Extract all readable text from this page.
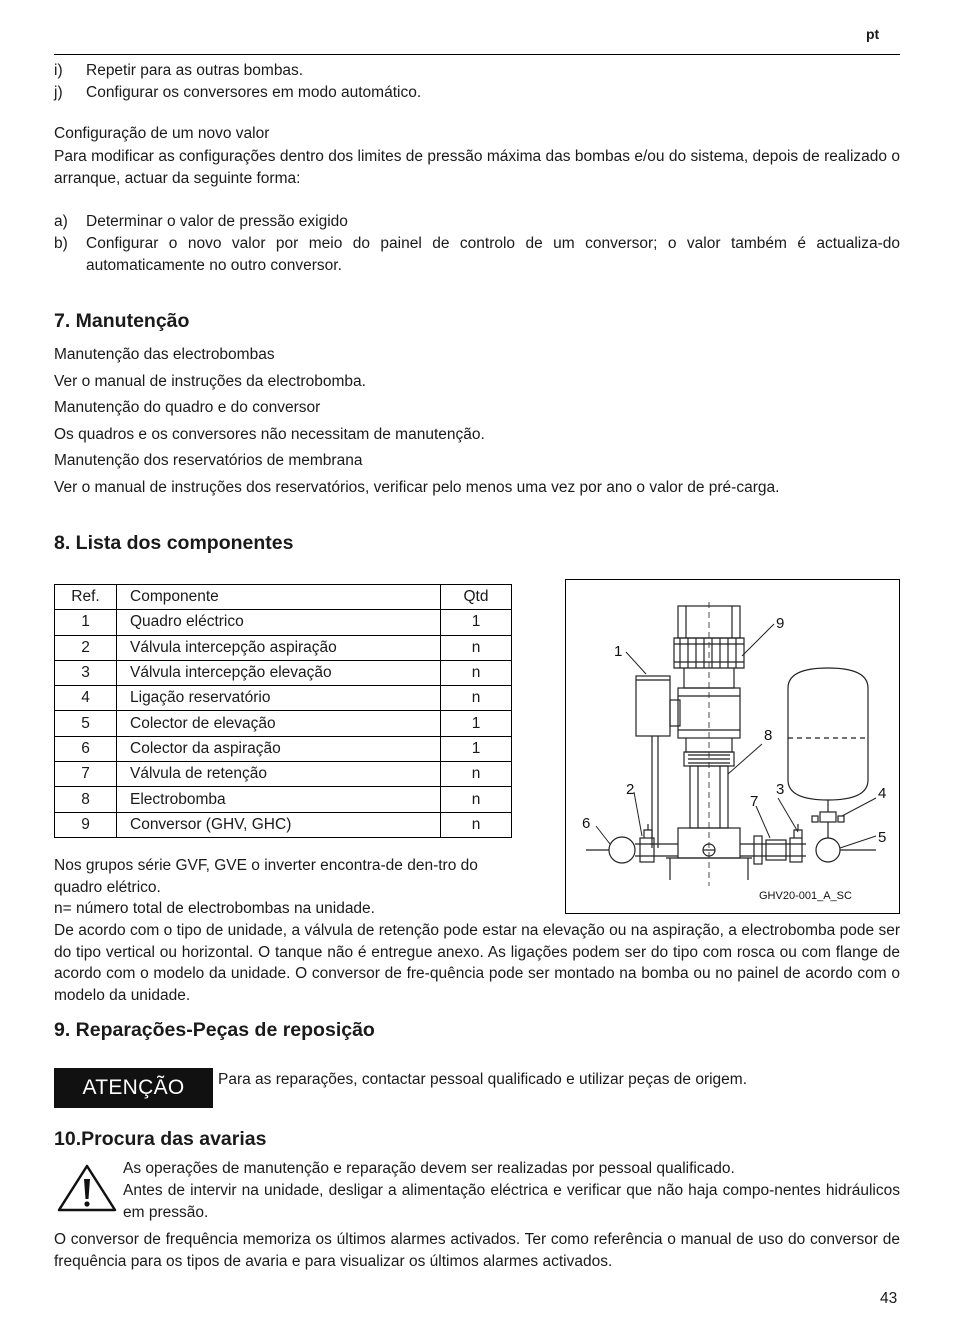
pt
i) Repetir para as outras bombas.
j) Configurar os conversores em modo automático.
Configuração de um novo valor
Para modificar as configurações dentro dos limites de pressão máxima das bombas e/ou do sistema, depois de realizado o arranque, actuar da seguinte forma:
a) Determinar o valor de pressão exigido
b) Configurar o novo valor por meio do painel de controlo de um conversor; o valor também é actualiza-do automaticamente no outro conversor.
7. Manutenção
Manutenção das electrobombas
Ver o manual de instruções da electrobomba.
Manutenção do quadro e do conversor
Os quadros e os conversores não necessitam de manutenção.
Manutenção dos reservatórios de membrana
Ver o manual de instruções dos reservatórios, verificar pelo menos uma vez por ano o valor de pré-carga.
8. Lista dos componentes
Ref.	Componente	Qtd
1	Quadro eléctrico	1
2	Válvula intercepção aspiração	n
3	Válvula intercepção elevação	n
4	Ligação reservatório	n
5	Colector de elevação	1
6	Colector da aspiração	1
7	Válvula de retenção	n
8	Electrobomba	n
9	Conversor (GHV, GHC)	n
1
2	3	4
5
6
7
8
9
GHV20-001_A_SC
Nos grupos série GVF, GVE o inverter encontra-de den-tro do quadro elétrico.
n= número total de electrobombas na unidade.
De acordo com o tipo de unidade, a válvula de retenção pode estar na elevação ou na aspiração, a electrobomba pode ser do tipo vertical ou horizontal. O tanque não é entregue anexo. As ligações podem ser do tipo com rosca ou com flange de acordo com o modelo da unidade. O conversor de fre-quência pode ser montado na bomba ou no painel de acordo com o modelo da unidade.
9. Reparações-Peças de reposição
ATENÇÃO	Para as reparações, contactar pessoal qualificado e utilizar peças de origem.
10.Procura das avarias
As operações de manutenção e reparação devem ser realizadas por pessoal qualificado.
Antes de intervir na unidade, desligar a alimentação eléctrica e verificar que não haja compo-nentes hidráulicos em pressão.
O conversor de frequência memoriza os últimos alarmes activados. Ter como referência o manual de uso do conversor de frequência para os tipos de avaria e para visualizar os últimos alarmes activados.
43
